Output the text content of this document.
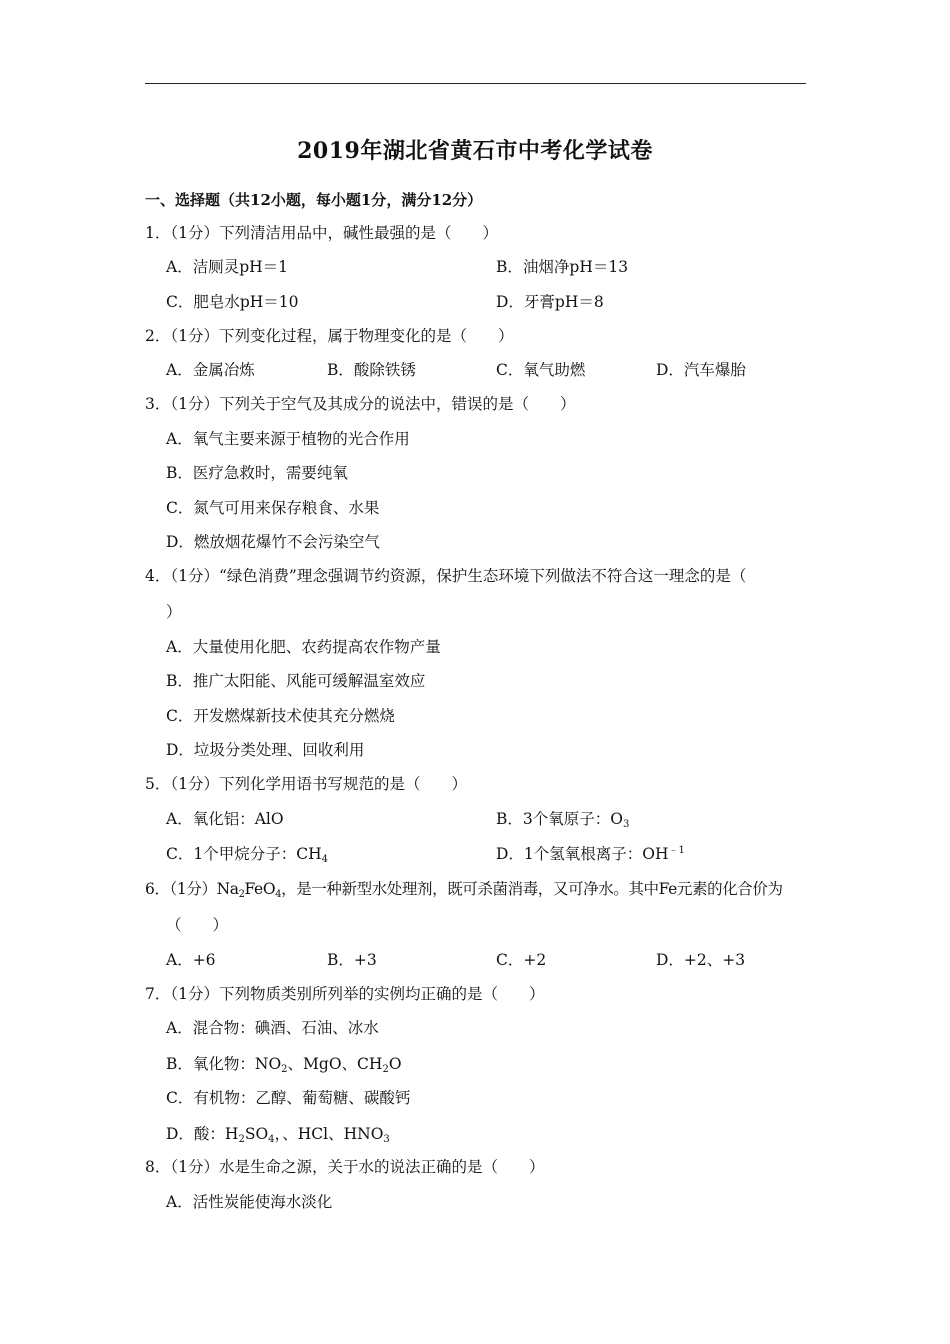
2019年湖北省黄石市中考化学试卷
一、选择题（共12小题，每小题1分，满分12分）
1．（1分）下列清洁用品中，碱性最强的是（　　）
A．洁厕灵pH＝1	B．油烟净pH＝13
C．肥皂水pH＝10	D．牙膏pH＝8
2．（1分）下列变化过程，属于物理变化的是（　　）
A．金属冶炼	B．酸除铁锈	C．氧气助燃	D．汽车爆胎
3．（1分）下列关于空气及其成分的说法中，错误的是（　　）
A．氧气主要来源于植物的光合作用
B．医疗急救时，需要纯氧
C．氮气可用来保存粮食、水果
D．燃放烟花爆竹不会污染空气
4．（1分）“绿色消费”理念强调节约资源，保护生态环境下列做法不符合这一理念的是（
）
A．大量使用化肥、农药提高农作物产量
B．推广太阳能、风能可缓解温室效应
C．开发燃煤新技术使其充分燃烧
D．垃圾分类处理、回收利用
5．（1分）下列化学用语书写规范的是（　　）
A．氧化铝：AlO	B．3个氧原子：$O_3$
C．1个甲烷分子：$CH_4$	D．1个氢氧根离子：$OH^{﹣1}$
6．（1分）$Na_2FeO_4$，是一种新型水处理剂，既可杀菌消毒，又可净水。其中Fe元素的化合价为
（　　）
A．+6	B．+3	C．+2	D．+2、+3
7．（1分）下列物质类别所列举的实例均正确的是（　　）
A．混合物：碘酒、石油、冰水
B．氧化物：$NO_2$、MgO、$CH_2O$
C．有机物：乙醇、葡萄糖、碳酸钙
D．酸：$H_2SO_4$，、HCl、$HNO_3$
8．（1分）水是生命之源，关于水的说法正确的是（　　）
A．活性炭能使海水淡化
